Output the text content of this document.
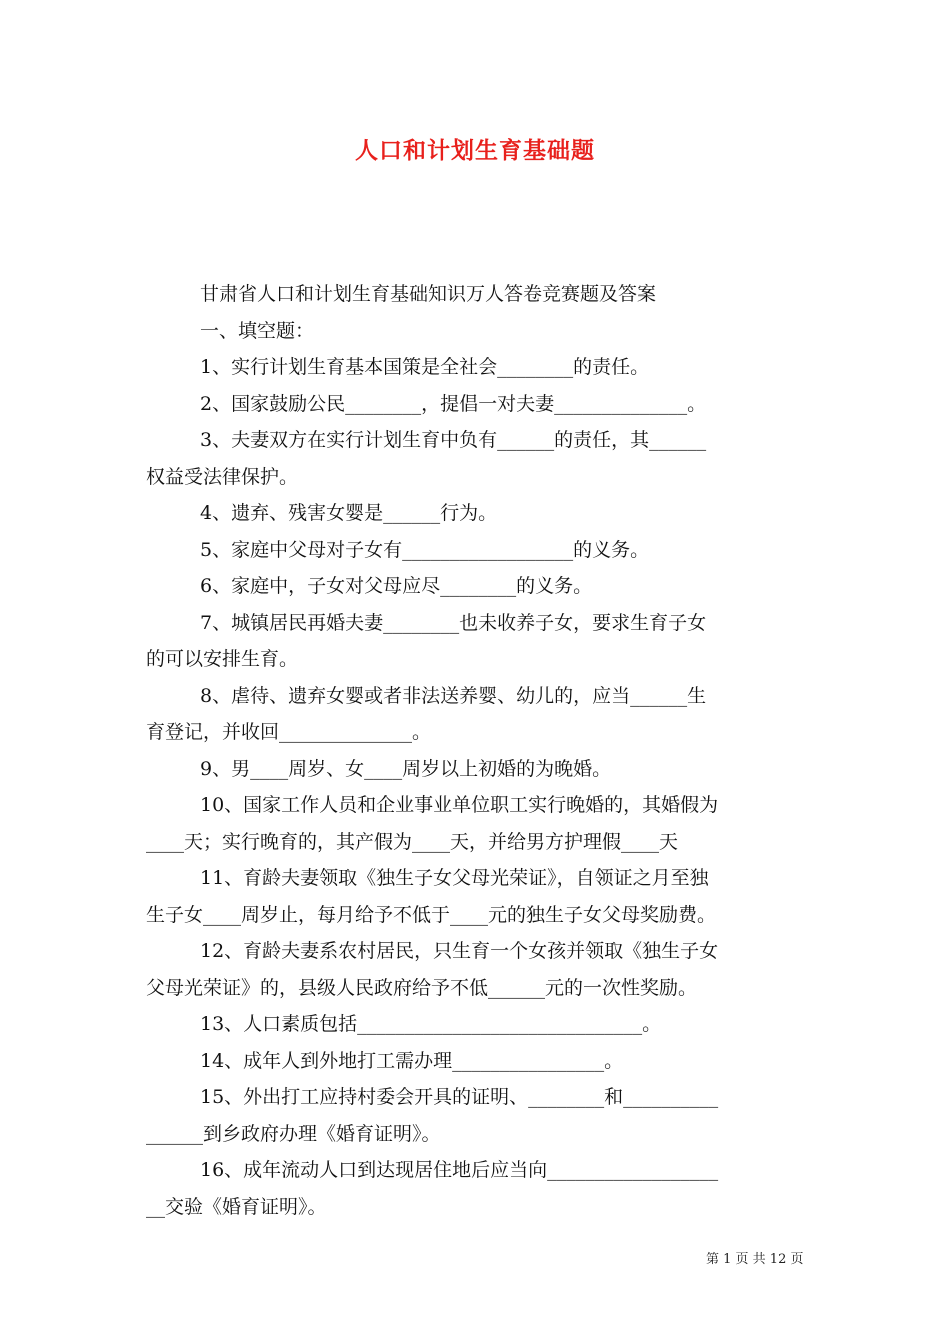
人口和计划生育基础题
甘肃省人口和计划生育基础知识万人答卷竞赛题及答案
一、填空题：
1、实行计划生育基本国策是全社会________的责任。
2、国家鼓励公民________，提倡一对夫妻______________。
3、夫妻双方在实行计划生育中负有______的责任，其______
权益受法律保护。
4、遗弃、残害女婴是______行为。
5、家庭中父母对子女有__________________的义务。
6、家庭中，子女对父母应尽________的义务。
7、城镇居民再婚夫妻________也未收养子女，要求生育子女
的可以安排生育。
8、虐待、遗弃女婴或者非法送养婴、幼儿的，应当______生
育登记，并收回______________。
9、男____周岁、女____周岁以上初婚的为晚婚。
10、国家工作人员和企业事业单位职工实行晚婚的，其婚假为
____天；实行晚育的，其产假为____天，并给男方护理假____天
11、育龄夫妻领取《独生子女父母光荣证》，自领证之月至独
生子女____周岁止，每月给予不低于____元的独生子女父母奖励费。
12、育龄夫妻系农村居民，只生育一个女孩并领取《独生子女
父母光荣证》的，县级人民政府给予不低______元的一次性奖励。
13、人口素质包括______________________________。
14、成年人到外地打工需办理________________。
15、外出打工应持村委会开具的证明、________和__________
______到乡政府办理《婚育证明》。
16、成年流动人口到达现居住地后应当向__________________
__交验《婚育证明》。
第 1 页 共 12 页
